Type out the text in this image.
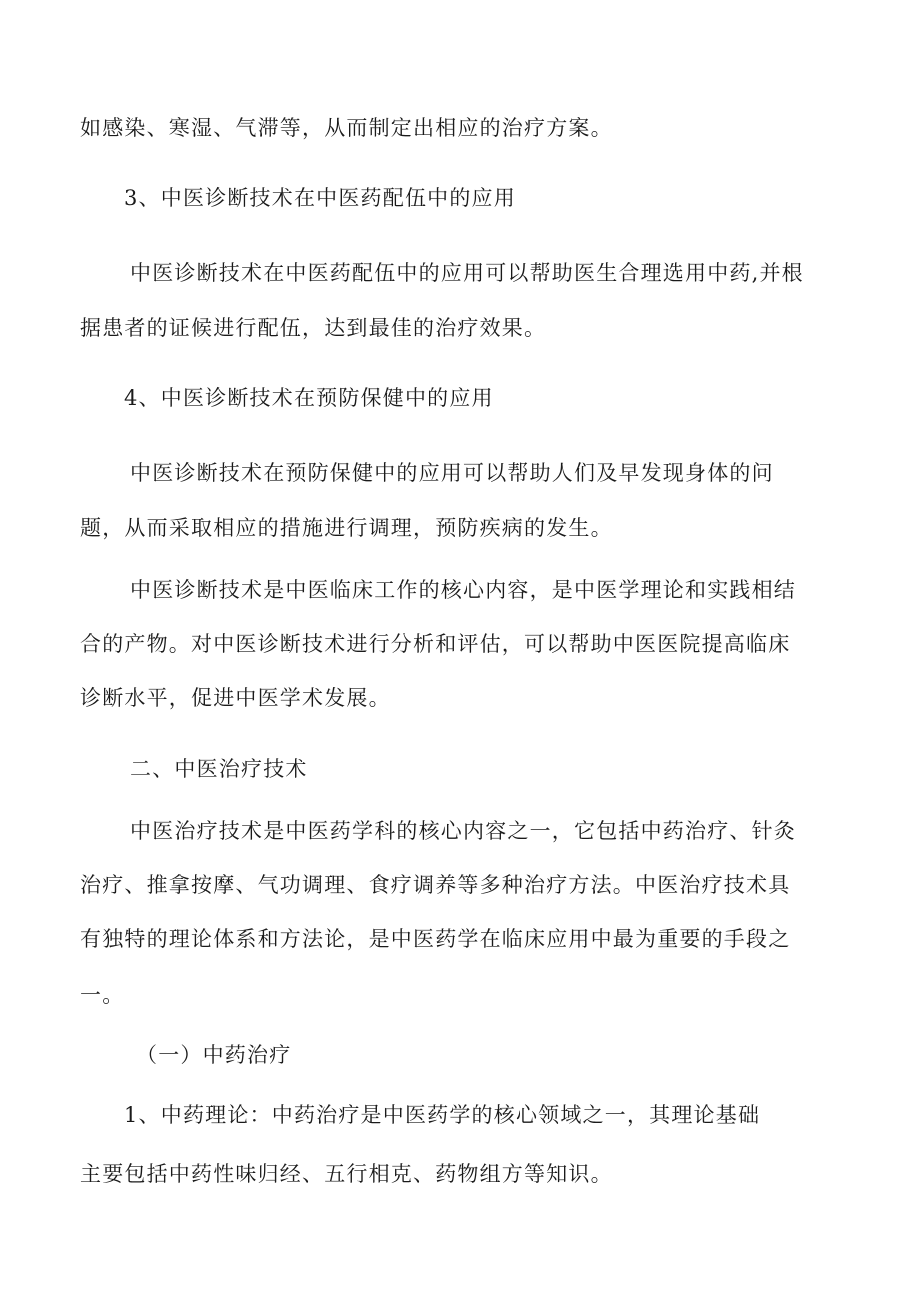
如感染、寒湿、气滞等，从而制定出相应的治疗方案。
3、中医诊断技术在中医药配伍中的应用
中医诊断技术在中医药配伍中的应用可以帮助医生合理选用中药,并根
据患者的证候进行配伍，达到最佳的治疗效果。
4、中医诊断技术在预防保健中的应用
中医诊断技术在预防保健中的应用可以帮助人们及早发现身体的问
题，从而采取相应的措施进行调理，预防疾病的发生。
中医诊断技术是中医临床工作的核心内容，是中医学理论和实践相结
合的产物。对中医诊断技术进行分析和评估，可以帮助中医医院提高临床
诊断水平，促进中医学术发展。
二、中医治疗技术
中医治疗技术是中医药学科的核心内容之一，它包括中药治疗、针灸
治疗、推拿按摩、气功调理、食疗调养等多种治疗方法。中医治疗技术具
有独特的理论体系和方法论，是中医药学在临床应用中最为重要的手段之
一。
（一）中药治疗
1、中药理论：中药治疗是中医药学的核心领域之一，其理论基础
主要包括中药性味归经、五行相克、药物组方等知识。
